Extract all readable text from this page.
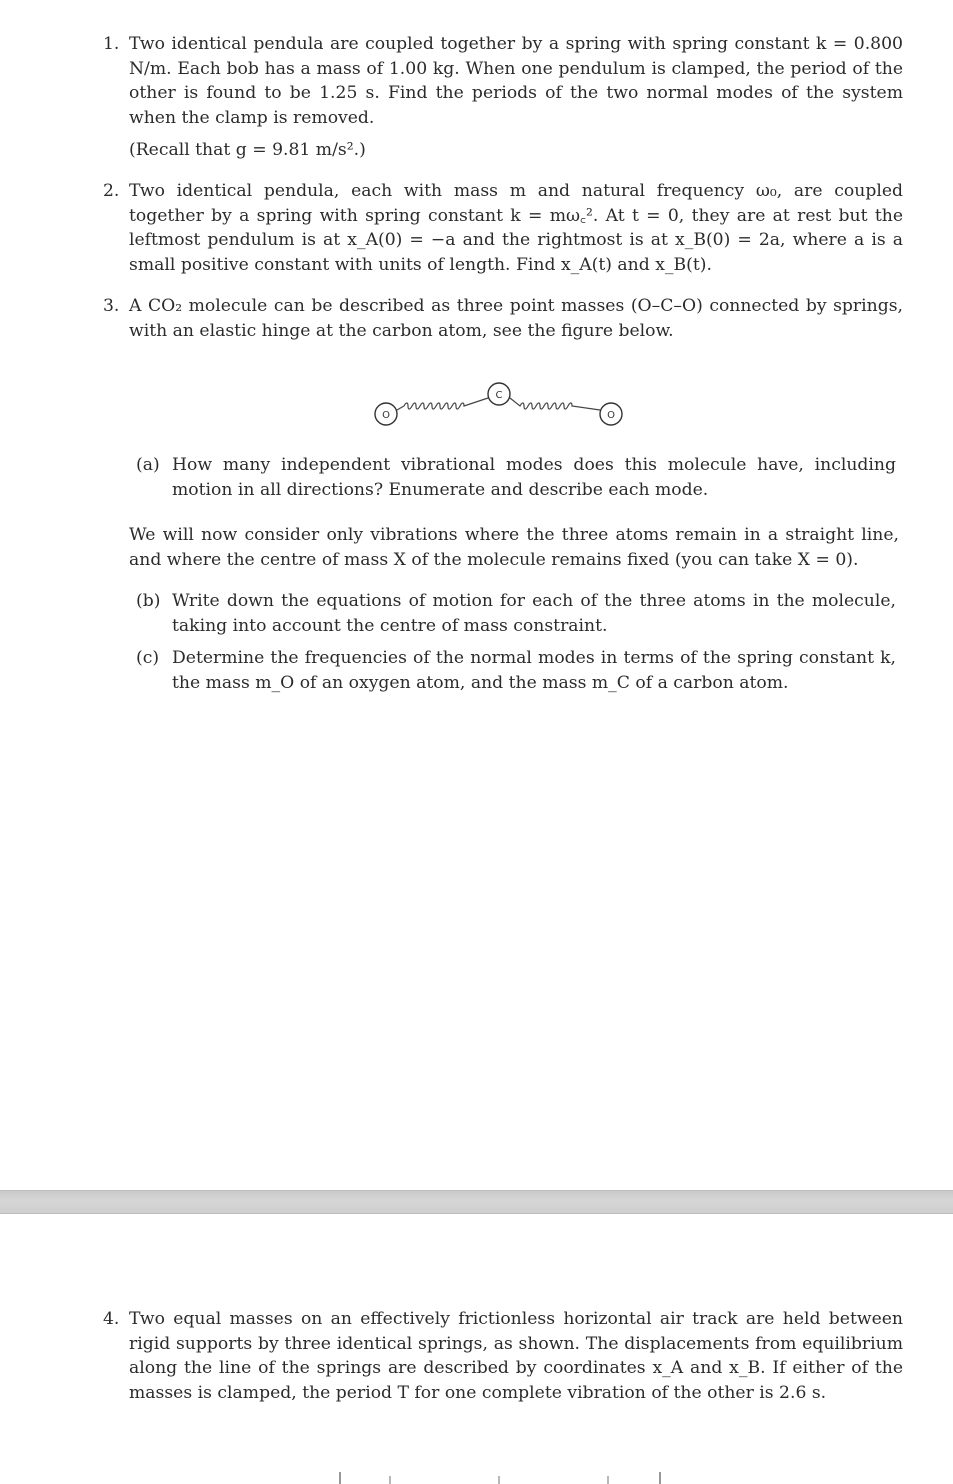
1. Two identical pendula are coupled together by a spring with spring constant k = 0.800 N/m. Each bob has a mass of 1.00 kg. When one pendulum is clamped, the period of the other is found to be 1.25 s. Find the periods of the two normal modes of the system when the clamp is removed.
(Recall that g = 9.81 m/s².)
2. Two identical pendula, each with mass m and natural frequency ω₀, are coupled together by a spring with spring constant k = mω꜀². At t = 0, they are at rest but the leftmost pendulum is at x_A(0) = −a and the rightmost is at x_B(0) = 2a, where a is a small positive constant with units of length. Find x_A(t) and x_B(t).
3. A CO₂ molecule can be described as three point masses (O–C–O) connected by springs, with an elastic hinge at the carbon atom, see the figure below.
O
C
O
(a) How many independent vibrational modes does this molecule have, including motion in all directions? Enumerate and describe each mode.
We will now consider only vibrations where the three atoms remain in a straight line, and where the centre of mass X of the molecule remains fixed (you can take X = 0).
(b) Write down the equations of motion for each of the three atoms in the molecule, taking into account the centre of mass constraint.
(c) Determine the frequencies of the normal modes in terms of the spring constant k, the mass m_O of an oxygen atom, and the mass m_C of a carbon atom.
4. Two equal masses on an effectively frictionless horizontal air track are held between rigid supports by three identical springs, as shown. The displacements from equilibrium along the line of the springs are described by coordinates x_A and x_B. If either of the masses is clamped, the period T for one complete vibration of the other is 2.6 s.
